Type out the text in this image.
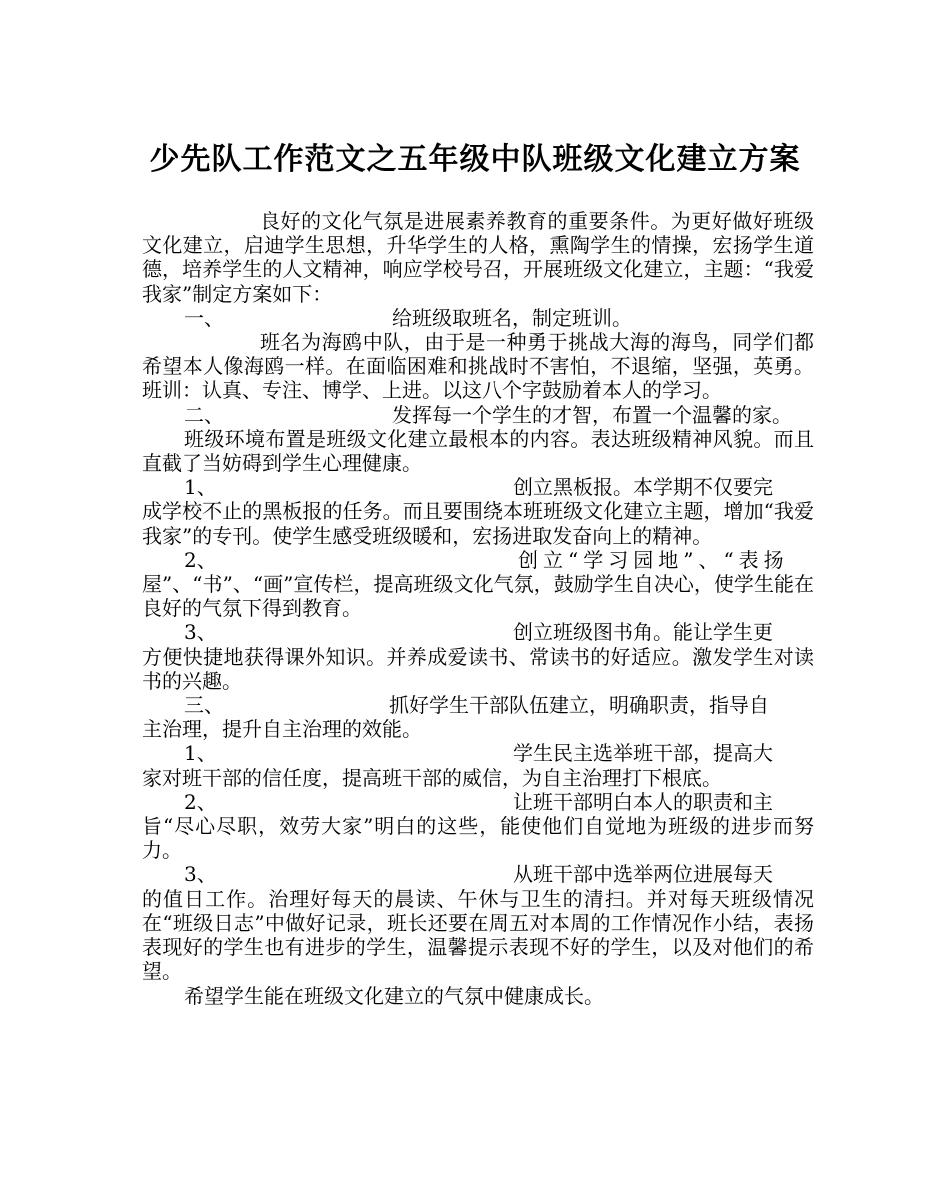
少先队工作范文之五年级中队班级文化建立方案

良好的文化气氛是进展素养教育的重要条件。为更好做好班级文化建立，启迪学生思想，升华学生的人格，熏陶学生的情操，宏扬学生道德，培养学生的人文精神，响应学校号召，开展班级文化建立，主题：“我爱我家”制定方案如下：

一、	给班级取班名，制定班训。

班名为海鸥中队，由于是一种勇于挑战大海的海鸟，同学们都希望本人像海鸥一样。在面临困难和挑战时不害怕，不退缩，坚强，英勇。班训：认真、专注、博学、上进。以这八个字鼓励着本人的学习。

二、	发挥每一个学生的才智，布置一个温馨的家。

班级环境布置是班级文化建立最根本的内容。表达班级精神风貌。而且直截了当妨碍到学生心理健康。

1、	创立黑板报。本学期不仅要完

成学校不止的黑板报的任务。而且要围绕本班班级文化建立主题，增加“我爱我家”的专刊。使学生感受班级暖和，宏扬进取发奋向上的精神。

2、	创立“学习园地”、“表扬

屋”、“书”、“画”宣传栏，提高班级文化气氛，鼓励学生自决心，使学生能在良好的气氛下得到教育。

3、	创立班级图书角。能让学生更

方便快捷地获得课外知识。并养成爱读书、常读书的好适应。激发学生对读书的兴趣。

三、	抓好学生干部队伍建立，明确职责，指导自

主治理，提升自主治理的效能。

1、	学生民主选举班干部，提高大

家对班干部的信任度，提高班干部的威信，为自主治理打下根底。

2、	让班干部明白本人的职责和主

旨“尽心尽职，效劳大家”明白的这些，能使他们自觉地为班级的进步而努力。

3、	从班干部中选举两位进展每天

的值日工作。治理好每天的晨读、午休与卫生的清扫。并对每天班级情况在“班级日志”中做好记录，班长还要在周五对本周的工作情况作小结，表扬表现好的学生也有进步的学生，温馨提示表现不好的学生，以及对他们的希望。

希望学生能在班级文化建立的气氛中健康成长。
